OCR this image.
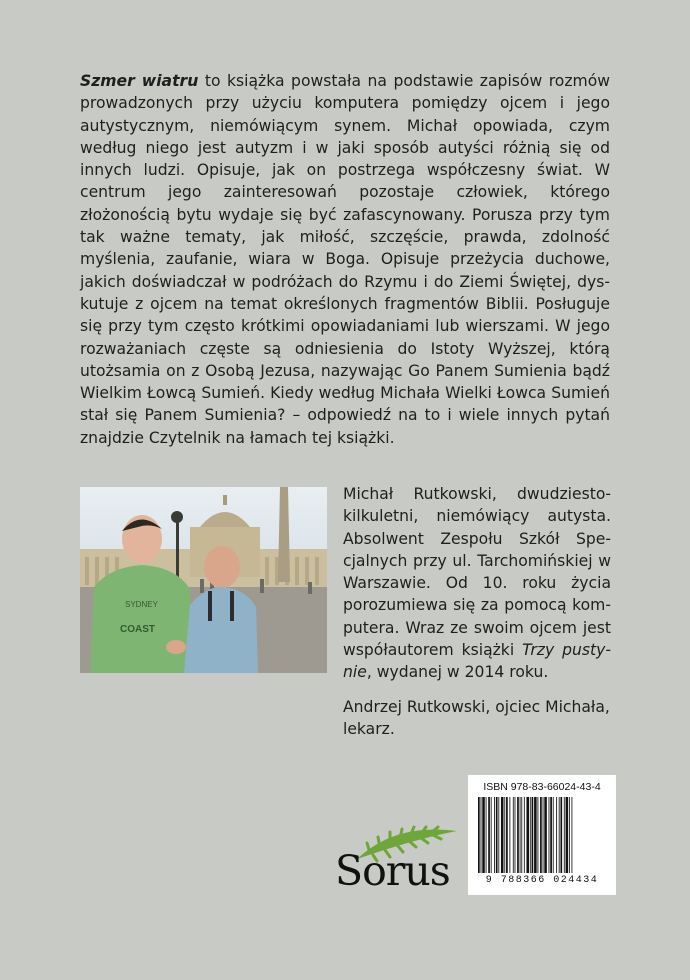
Szmer wiatru to książka powstała na podstawie zapisów rozmów prowadzonych przy użyciu komputera pomiędzy ojcem i jego autystycznym, niemówiącym synem. Michał opowiada, czym według niego jest autyzm i w jaki sposób autyści różnią się od innych ludzi. Opisuje, jak on postrzega współczesny świat. W centrum jego zainteresowań pozostaje człowiek, którego złożonością bytu wydaje się być zafascynowany. Porusza przy tym tak ważne tematy, jak miłość, szczęście, prawda, zdolność myślenia, zaufanie, wiara w Boga. Opisuje przeżycia duchowe, jakich doświadczał w podróżach do Rzymu i do Ziemi Świętej, dyskutuje z ojcem na temat określonych fragmentów Biblii. Posługuje się przy tym często krótkimi opowiadaniami lub wierszami. W jego rozważaniach częste są odniesienia do Istoty Wyższej, którą utożsamia on z Osobą Jezusa, nazywając Go Panem Sumienia bądź Wielkim Łowcą Sumień. Kiedy według Michała Wielki Łowca Sumień stał się Panem Sumienia? – odpowiedź na to i wiele innych pytań znajdzie Czytelnik na łamach tej książki.
SYDNEY
COAST

Michał Rutkowski, dwudziestokilkuletni, niemówiący autysta. Absolwent Zespołu Szkół Specjalnych przy ul. Tarchomińskiej w Warszawie. Od 10. roku życia porozumiewa się za pomocą komputera. Wraz ze swoim ojcem jest współautorem książki Trzy pustynie, wydanej w 2014 roku.

Andrzej Rutkowski, ojciec Michała, lekarz.

Sorus
ISBN 978-83-66024-43-4
9 788366 024434
